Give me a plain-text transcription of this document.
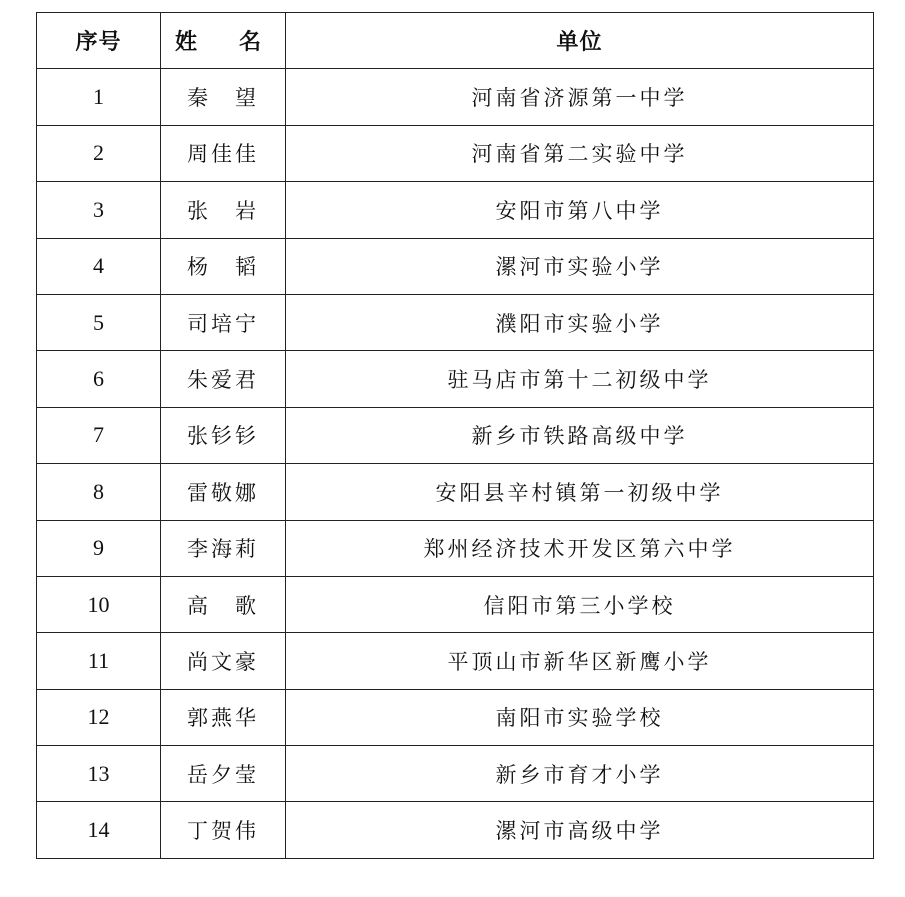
序号	姓　名	单位
1	秦　望	河南省济源第一中学
2	周佳佳	河南省第二实验中学
3	张　岩	安阳市第八中学
4	杨　韬	漯河市实验小学
5	司培宁	濮阳市实验小学
6	朱爱君	驻马店市第十二初级中学
7	张钐钐	新乡市铁路高级中学
8	雷敬娜	安阳县辛村镇第一初级中学
9	李海莉	郑州经济技术开发区第六中学
10	高　歌	信阳市第三小学校
11	尚文豪	平顶山市新华区新鹰小学
12	郭燕华	南阳市实验学校
13	岳夕莹	新乡市育才小学
14	丁贺伟	漯河市高级中学
